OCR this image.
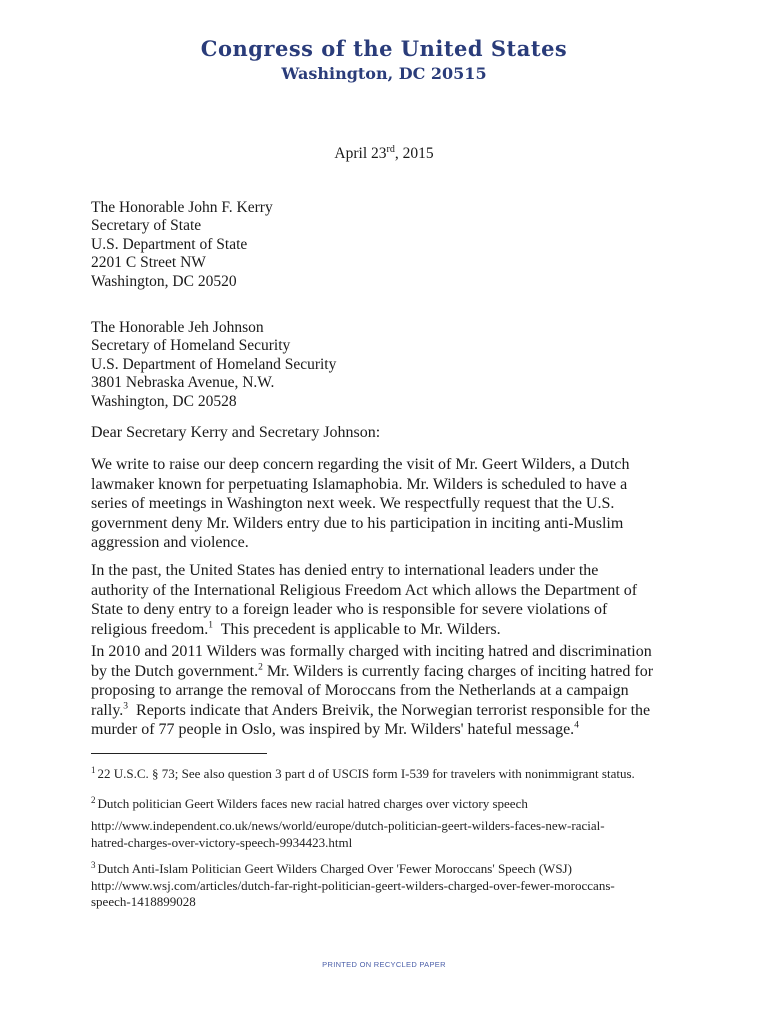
Congress of the United States
Washington, DC 20515
April 23rd, 2015
The Honorable John F. Kerry
Secretary of State
U.S. Department of State
2201 C Street NW
Washington, DC 20520
The Honorable Jeh Johnson
Secretary of Homeland Security
U.S. Department of Homeland Security
3801 Nebraska Avenue, N.W.
Washington, DC 20528
Dear Secretary Kerry and Secretary Johnson:
We write to raise our deep concern regarding the visit of Mr. Geert Wilders, a Dutch
lawmaker known for perpetuating Islamaphobia. Mr. Wilders is scheduled to have a
series of meetings in Washington next week. We respectfully request that the U.S.
government deny Mr. Wilders entry due to his participation in inciting anti-Muslim
aggression and violence.
In the past, the United States has denied entry to international leaders under the
authority of the International Religious Freedom Act which allows the Department of
State to deny entry to a foreign leader who is responsible for severe violations of
religious freedom.$^1$  This precedent is applicable to Mr. Wilders.
In 2010 and 2011 Wilders was formally charged with inciting hatred and discrimination
by the Dutch government.$^2$ Mr. Wilders is currently facing charges of inciting hatred for
proposing to arrange the removal of Moroccans from the Netherlands at a campaign
rally.$^3$  Reports indicate that Anders Breivik, the Norwegian terrorist responsible for the
murder of 77 people in Oslo, was inspired by Mr. Wilders' hateful message.$^4$
$^1$ 22 U.S.C. § 73; See also question 3 part d of USCIS form I-539 for travelers with nonimmigrant status.
$^2$ Dutch politician Geert Wilders faces new racial hatred charges over victory speech
http://www.independent.co.uk/news/world/europe/dutch-politician-geert-wilders-faces-new-racial-
hatred-charges-over-victory-speech-9934423.html
$^3$ Dutch Anti-Islam Politician Geert Wilders Charged Over 'Fewer Moroccans' Speech (WSJ)
http://www.wsj.com/articles/dutch-far-right-politician-geert-wilders-charged-over-fewer-moroccans-
speech-1418899028
PRINTED ON RECYCLED PAPER
